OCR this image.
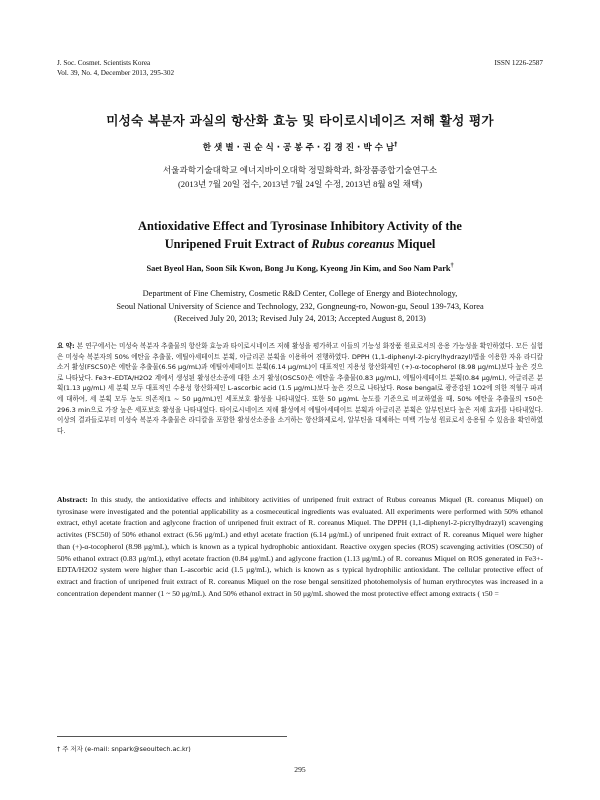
J. Soc. Cosmet. Scientists Korea
Vol. 39, No. 4, December 2013, 295-302
ISSN 1226-2587
미성숙 복분자 과실의 항산화 효능 및 타이로시네이즈 저해 활성 평가
한 샛 별 · 권 순 식 · 공 봉 주 · 김 경 진 · 박 수 남†
서울과학기술대학교 에너지바이오대학 정밀화학과, 화장품종합기술연구소
(2013년 7월 20일 접수, 2013년 7월 24일 수정, 2013년 8월 8일 채택)
Antioxidative Effect and Tyrosinase Inhibitory Activity of the
Unripened Fruit Extract of Rubus coreanus Miquel
Saet Byeol Han, Soon Sik Kwon, Bong Ju Kong, Kyeong Jin Kim, and Soo Nam Park†
Department of Fine Chemistry, Cosmetic R&D Center, College of Energy and Biotechnology,
Seoul National University of Science and Technology, 232, Gongneung-ro, Nowon-gu, Seoul 139-743, Korea
(Received July 20, 2013; Revised July 24, 2013; Accepted August 8, 2013)
요 약: 본 연구에서는 미성숙 복분자 추출물의 항산화 효능과 타이로시네이즈 저해 활성을 평가하고 이들의 기능성 화장품 원료로서의 응용 가능성을 확인하였다. 모든 실험은 미성숙 복분자의 50% 에탄올 추출물, 에틸아세테이트 분획, 아글리콘 분획을 이용하여 진행하였다. DPPH (1,1-diphenyl-2-picrylhydrazyl)법을 이용한 자유 라디칼 소거 활성(FSC50)은 에탄올 추출물(6.56 μg/mL)과 에틸아세테이트 분획(6.14 μg/mL)이 대표적인 지용성 항산화제인 (+)-α-tocopherol (8.98 μg/mL)보다 높은 것으로 나타났다. Fe3+-EDTA/H2O2 계에서 생성된 활성산소종에 대한 소거 활성(OSC50)은 에탄올 추출물(0.83 μg/mL), 에틸아세테이트 분획(0.84 μg/mL), 아글리콘 분획(1.13 μg/mL) 세 분획 모두 대표적인 수용성 항산화제인 L-ascorbic acid (1.5 μg/mL)보다 높은 것으로 나타났다. Rose bengal로 광증감된 1O2에 의한 적혈구 파괴에 대하여, 세 분획 모두 농도 의존적(1 ~ 50 μg/mL)인 세포보호 활성을 나타내었다. 또한 50 μg/mL 농도를 기준으로 비교하였을 때, 50% 에탄올 추출물의 τ50은 296.3 min으로 가장 높은 세포보호 활성을 나타내었다. 타이로시네이즈 저해 활성에서 에틸아세테이트 분획과 아글리콘 분획은 알부틴보다 높은 저해 효과를 나타내었다. 이상의 결과들로부터 미성숙 복분자 추출물은 라디칼을 포함한 활성산소종을 소거하는 항산화제로서, 알부틴을 대체하는 미백 기능성 원료로서 응용될 수 있음을 확인하였다.
Abstract: In this study, the antioxidative effects and inhibitory activities of unripened fruit extract of Rubus coreanus Miquel (R. coreanus Miquel) on tyrosinase were investigated and the potential applicability as a cosmeceutical ingredients was evaluated. All experiments were performed with 50% ethanol extract, ethyl acetate fraction and aglycone fraction of unripened fruit extract of R. coreanus Miquel. The DPPH (1,1-diphenyl-2-picrylhydrazyl) scavenging activites (FSC50) of 50% ethanol extract (6.56 μg/mL) and ethyl acetate fraction (6.14 μg/mL) of unripened fruit extract of R. coreanus Miquel were higher than (+)-α-tocopherol (8.98 μg/mL), which is known as a typical hydrophobic antioxidant. Reactive oxygen species (ROS) scavenging activities (OSC50) of 50% ethanol extract (0.83 μg/mL), ethyl acetate fraction (0.84 μg/mL) and aglycone fraction (1.13 μg/mL) of R. coreanus Miquel on ROS generated in Fe3+-EDTA/H2O2 system were higher than L-ascorbic acid (1.5 μg/mL), which is known as s typical hydrophilic antioxidant. The cellular protective effect of extract and fraction of unripened fruit extract of R. coreanus Miquel on the rose bengal sensitized photohemolysis of human erythrocytes was increased in a concentration dependent manner (1 ~ 50 μg/mL). And 50% ethanol extract in 50 μg/mL showed the most protective effect among extracts ( τ50 =
† 주 저자 (e-mail: snpark@seoultech.ac.kr)
295
